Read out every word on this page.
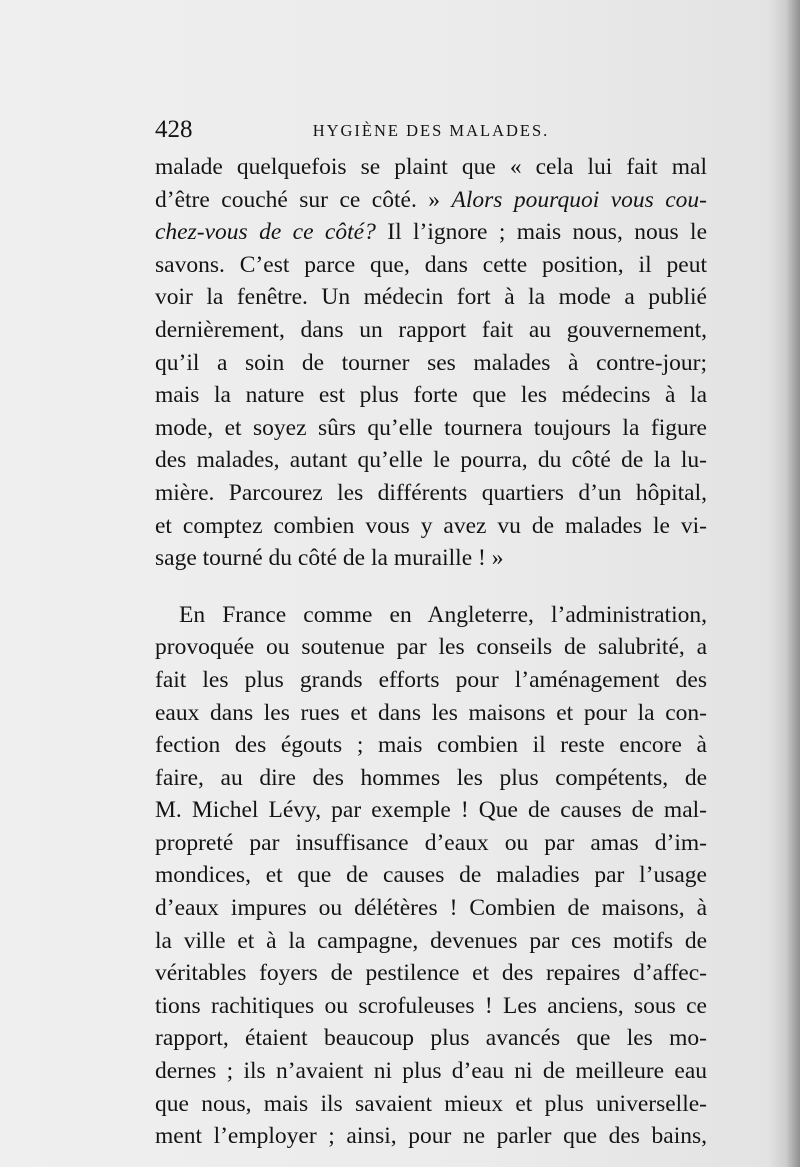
428	HYGIÈNE DES MALADES.
malade quelquefois se plaint que « cela lui fait mal
d’être couché sur ce côté. » Alors pourquoi vous cou-
chez-vous de ce côté? Il l’ignore ; mais nous, nous le
savons. C’est parce que, dans cette position, il peut
voir la fenêtre. Un médecin fort à la mode a publié
dernièrement, dans un rapport fait au gouvernement,
qu’il a soin de tourner ses malades à contre-jour;
mais la nature est plus forte que les médecins à la
mode, et soyez sûrs qu’elle tournera toujours la figure
des malades, autant qu’elle le pourra, du côté de la lu-
mière. Parcourez les différents quartiers d’un hôpital,
et comptez combien vous y avez vu de malades le vi-
sage tourné du côté de la muraille ! »
En France comme en Angleterre, l’administration,
provoquée ou soutenue par les conseils de salubrité, a
fait les plus grands efforts pour l’aménagement des
eaux dans les rues et dans les maisons et pour la con-
fection des égouts ; mais combien il reste encore à
faire, au dire des hommes les plus compétents, de
M. Michel Lévy, par exemple ! Que de causes de mal-
propreté par insuffisance d’eaux ou par amas d’im-
mondices, et que de causes de maladies par l’usage
d’eaux impures ou délétères ! Combien de maisons, à
la ville et à la campagne, devenues par ces motifs de
véritables foyers de pestilence et des repaires d’affec-
tions rachitiques ou scrofuleuses ! Les anciens, sous ce
rapport, étaient beaucoup plus avancés que les mo-
dernes ; ils n’avaient ni plus d’eau ni de meilleure eau
que nous, mais ils savaient mieux et plus universelle-
ment l’employer ; ainsi, pour ne parler que des bains,
